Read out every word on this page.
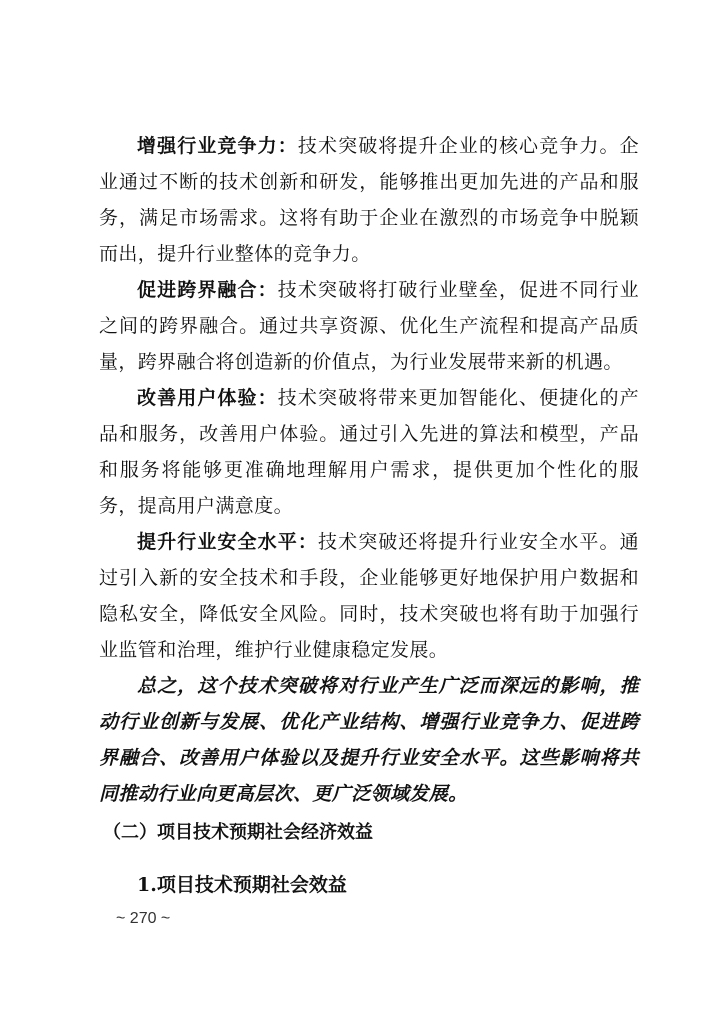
增强行业竞争力：技术突破将提升企业的核心竞争力。企业通过不断的技术创新和研发，能够推出更加先进的产品和服务，满足市场需求。这将有助于企业在激烈的市场竞争中脱颖而出，提升行业整体的竞争力。

促进跨界融合：技术突破将打破行业壁垒，促进不同行业之间的跨界融合。通过共享资源、优化生产流程和提高产品质量，跨界融合将创造新的价值点，为行业发展带来新的机遇。

改善用户体验：技术突破将带来更加智能化、便捷化的产品和服务，改善用户体验。通过引入先进的算法和模型，产品和服务将能够更准确地理解用户需求，提供更加个性化的服务，提高用户满意度。

提升行业安全水平：技术突破还将提升行业安全水平。通过引入新的安全技术和手段，企业能够更好地保护用户数据和隐私安全，降低安全风险。同时，技术突破也将有助于加强行业监管和治理，维护行业健康稳定发展。

总之，这个技术突破将对行业产生广泛而深远的影响，推动行业创新与发展、优化产业结构、增强行业竞争力、促进跨界融合、改善用户体验以及提升行业安全水平。这些影响将共同推动行业向更高层次、更广泛领域发展。

（二）项目技术预期社会经济效益
1.项目技术预期社会效益
~ 270 ~
